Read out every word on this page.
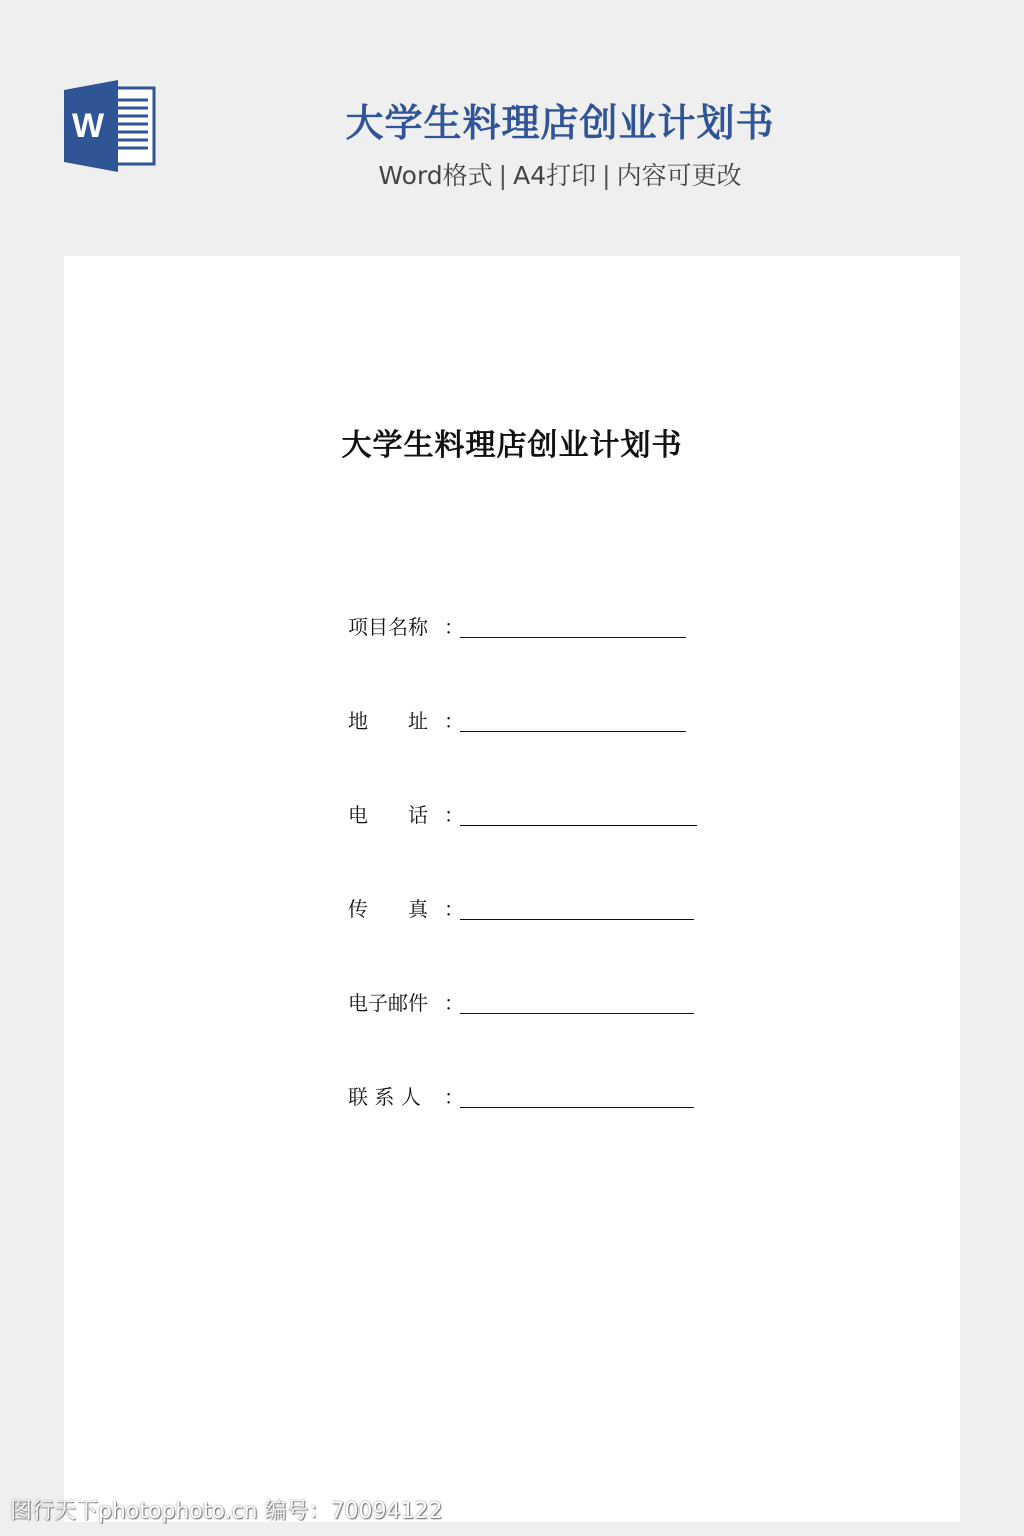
W	大学生料理店创业计划书
Word格式 | A4打印 | 内容可更改
大学生料理店创业计划书
项目名称 ：
地　　址 ：
电　　话 ：
传　　真 ：
电子邮件 ：
联 系 人	：
图行天下photophoto.cn 编号：70094122
